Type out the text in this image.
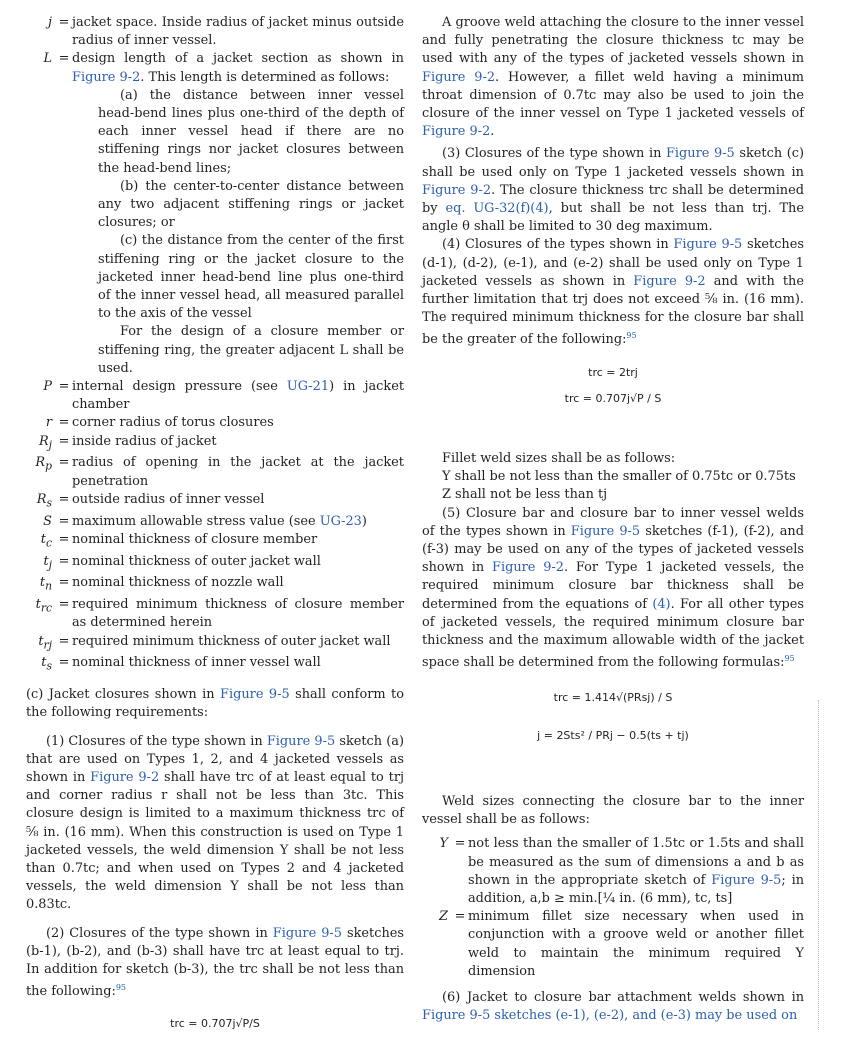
j = jacket space. Inside radius of jacket minus outside radius of inner vessel.
L = design length of a jacket section as shown in Figure 9-2. This length is determined as follows:

(a) the distance between inner vessel head-bend lines plus one-third of the depth of each inner vessel head if there are no stiffening rings nor jacket closures between the head-bend lines;

(b) the center-to-center distance between any two adjacent stiffening rings or jacket closures; or

(c) the distance from the center of the first stiffening ring or the jacket closure to the jacketed inner head-bend line plus one-third of the inner vessel head, all measured parallel to the axis of the vessel

For the design of a closure member or stiffening ring, the greater adjacent L shall be used.

P = internal design pressure (see UG-21) in jacket chamber
r = corner radius of torus closures
$R_j$ = inside radius of jacket
$R_p$ = radius of opening in the jacket at the jacket penetration
$R_s$ = outside radius of inner vessel
S = maximum allowable stress value (see UG-23)
$t_c$ = nominal thickness of closure member
$t_j$ = nominal thickness of outer jacket wall
$t_n$ = nominal thickness of nozzle wall
$t_{rc}$ = required minimum thickness of closure member as determined herein
$t_{rj}$ = required minimum thickness of outer jacket wall
$t_s$ = nominal thickness of inner vessel wall

(c) Jacket closures shown in Figure 9-5 shall conform to the following requirements:

(1) Closures of the type shown in Figure 9-5 sketch (a) that are used on Types 1, 2, and 4 jacketed vessels as shown in Figure 9-2 shall have trc of at least equal to trj and corner radius r shall not be less than 3tc. This closure design is limited to a maximum thickness trc of ⅝ in. (16 mm). When this construction is used on Type 1 jacketed vessels, the weld dimension Y shall be not less than 0.7tc; and when used on Types 2 and 4 jacketed vessels, the weld dimension Y shall be not less than 0.83tc.

(2) Closures of the type shown in Figure 9-5 sketches (b-1), (b-2), and (b-3) shall have trc at least equal to trj. In addition for sketch (b-3), the trc shall be not less than the following:$^{95}$

trc = 0.707j√P/S

A groove weld attaching the closure to the inner vessel and fully penetrating the closure thickness tc may be used with any of the types of jacketed vessels shown in Figure 9-2. However, a fillet weld having a minimum throat dimension of 0.7tc may also be used to join the closure of the inner vessel on Type 1 jacketed vessels of Figure 9-2.

(3) Closures of the type shown in Figure 9-5 sketch (c) shall be used only on Type 1 jacketed vessels shown in Figure 9-2. The closure thickness trc shall be determined by eq. UG-32(f)(4), but shall be not less than trj. The angle θ shall be limited to 30 deg maximum.

(4) Closures of the types shown in Figure 9-5 sketches (d-1), (d-2), (e-1), and (e-2) shall be used only on Type 1 jacketed vessels as shown in Figure 9-2 and with the further limitation that trj does not exceed ⅝ in. (16 mm). The required minimum thickness for the closure bar shall be the greater of the following:$^{95}$

trc = 2trj
trc = 0.707j√P / S

Fillet weld sizes shall be as follows:

Y shall be not less than the smaller of 0.75tc or 0.75ts

Z shall not be less than tj

(5) Closure bar and closure bar to inner vessel welds of the types shown in Figure 9-5 sketches (f-1), (f-2), and (f-3) may be used on any of the types of jacketed vessels shown in Figure 9-2. For Type 1 jacketed vessels, the required minimum closure bar thickness shall be determined from the equations of (4). For all other types of jacketed vessels, the required minimum closure bar thickness and the maximum allowable width of the jacket space shall be determined from the following formulas:$^{95}$

trc = 1.414√(PRsj) / S
j = 2Sts² / PRj − 0.5(ts + tj)

Weld sizes connecting the closure bar to the inner vessel shall be as follows:

Y = not less than the smaller of 1.5tc or 1.5ts and shall be measured as the sum of dimensions a and b as shown in the appropriate sketch of Figure 9-5; in addition, a,b ≥ min.[¼ in. (6 mm), tc, ts]
Z = minimum fillet size necessary when used in conjunction with a groove weld or another fillet weld to maintain the minimum required Y dimension

(6) Jacket to closure bar attachment welds shown in Figure 9-5 sketches (e-1), (e-2), and (e-3) may be used on
